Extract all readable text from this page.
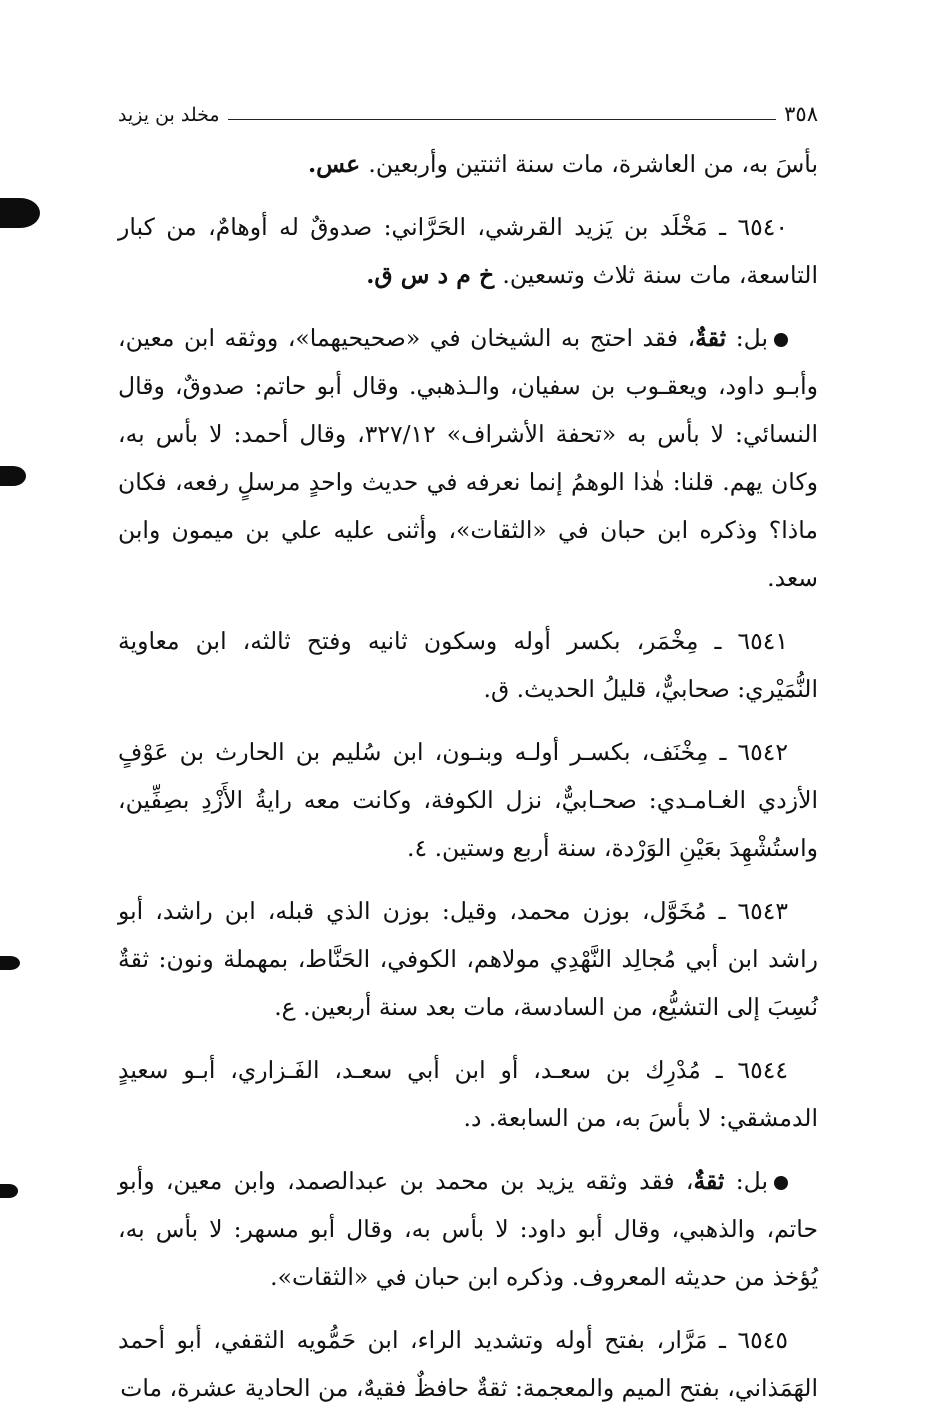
٣٥٨
مخلد بن يزيد

بأسَ به، من العاشرة، مات سنة اثنتين وأربعين. عس.

٦٥٤٠ ـ مَخْلَد بن يَزيد القرشي، الحَرَّاني: صدوقٌ له أوهامٌ، من كبار التاسعة، مات سنة ثلاث وتسعين. خ م د س ق.

بل: ثقةٌ، فقد احتج به الشيخان في «صحيحيهما»، ووثقه ابن معين، وأبـو داود، ويعقـوب بن سفيان، والـذهبي. وقال أبو حاتم: صدوقٌ، وقال النسائي: لا بأس به «تحفة الأشراف» ٣٢٧/١٢، وقال أحمد: لا بأس به، وكان يهم. قلنا: هٰذا الوهمُ إنما نعرفه في حديث واحدٍ مرسلٍ رفعه، فكان ماذا؟ وذكره ابن حبان في «الثقات»، وأثنى عليه علي بن ميمون وابن سعد.

٦٥٤١ ـ مِخْمَر، بكسر أوله وسكون ثانيه وفتح ثالثه، ابن معاوية النُّمَيْري: صحابيٌّ، قليلُ الحديث. ق.

٦٥٤٢ ـ مِخْنَف، بكسـر أولـه وبنـون، ابن سُليم بن الحارث بن عَوْفٍ الأزدي الغـامـدي: صحـابيٌّ، نزل الكوفة، وكانت معه رايةُ الأَزْدِ بصِفِّين، واستُشْهِدَ بعَيْنِ الوَرْدة، سنة أربع وستين. ٤.

٦٥٤٣ ـ مُخَوَّل، بوزن محمد، وقيل: بوزن الذي قبله، ابن راشد، أبو راشد ابن أبي مُجالِد النَّهْدِي مولاهم، الكوفي، الحَنَّاط، بمهملة ونون: ثقةٌ نُسِبَ إلى التشيُّع، من السادسة، مات بعد سنة أربعين. ع.

٦٥٤٤ ـ مُدْرِك بن سعـد، أو ابن أبي سعـد، الفَـزاري، أبـو سعيدٍ الدمشقي: لا بأسَ به، من السابعة. د.

بل: ثقةٌ، فقد وثقه يزيد بن محمد بن عبدالصمد، وابن معين، وأبو حاتم، والذهبي، وقال أبو داود: لا بأس به، وقال أبو مسهر: لا بأس به، يُؤخذ من حديثه المعروف. وذكره ابن حبان في «الثقات».

٦٥٤٥ ـ مَرَّار، بفتح أوله وتشديد الراء، ابن حَمُّويه الثقفي، أبو أحمد الهَمَذاني، بفتح الميم والمعجمة: ثقةٌ حافظٌ فقيهٌ، من الحادية عشرة، مات
